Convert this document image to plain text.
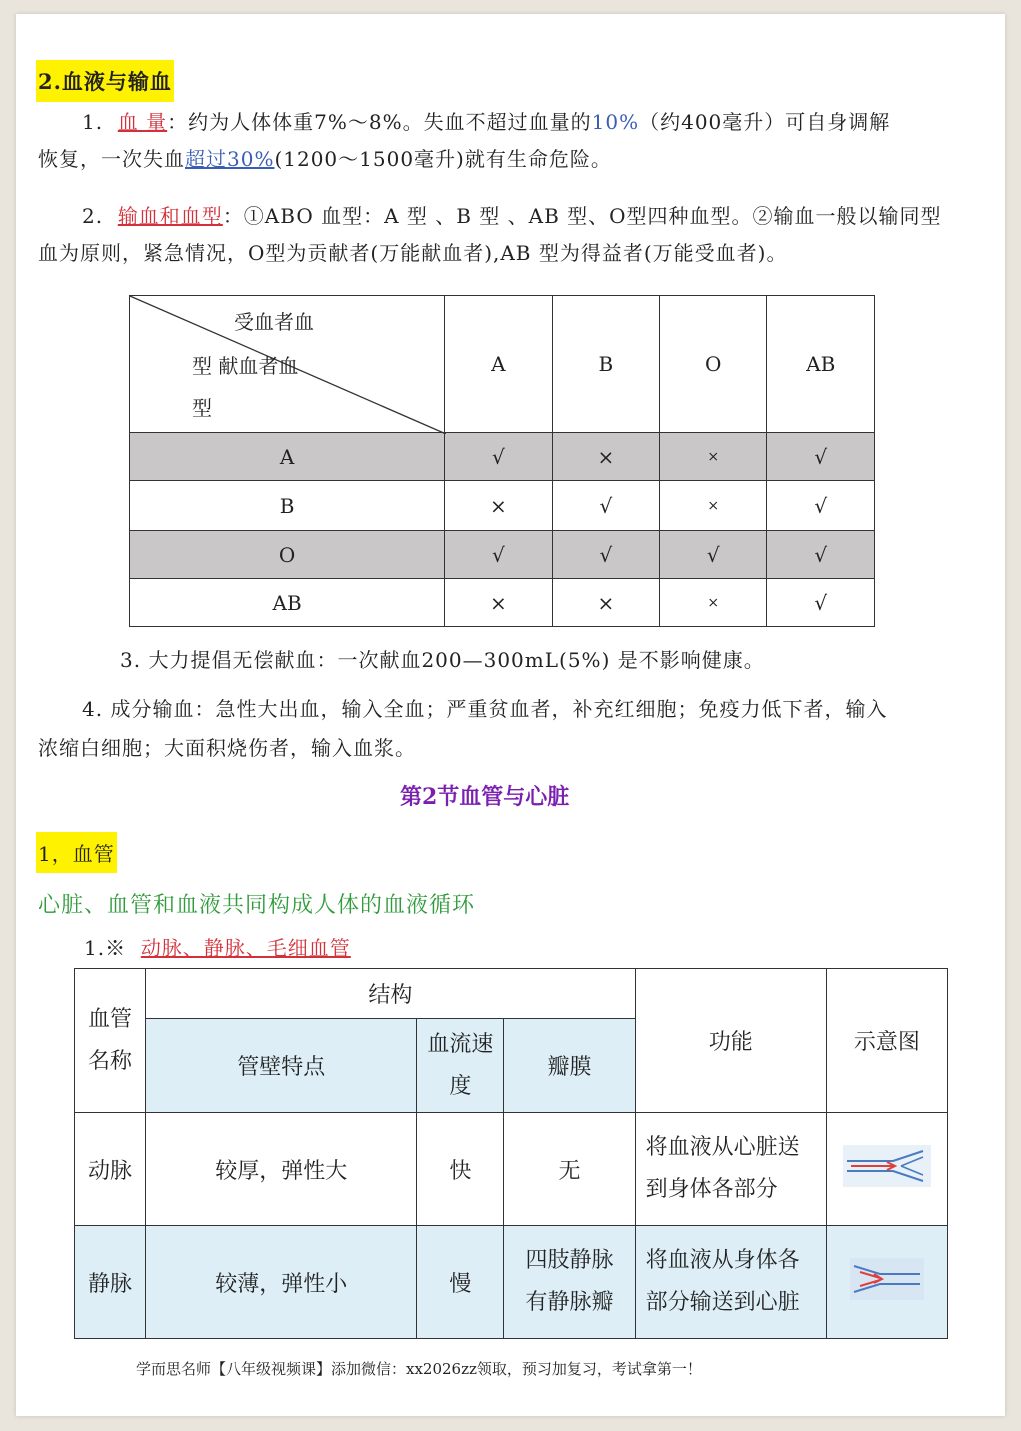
2.血液与输血
1. 血 量：约为人体体重7%～8%。失血不超过血量的10%（约400毫升）可自身调解
恢复，一次失血超过30%(1200～1500毫升)就有生命危险。
2. 输血和血型：①ABO 血型：A 型 、B 型 、AB 型、O型四种血型。②输血一般以输同型
血为原则，紧急情况，O型为贡献者(万能献血者),AB 型为得益者(万能受血者)。
受血者血
型 献血者血
型	A	B	O	AB
A	√	×	×	√
B	×	√	×	√
O	√	√	√	√
AB	×	×	×	√
3. 大力提倡无偿献血：一次献血200—300mL(5%) 是不影响健康。
4. 成分输血：急性大出血，输入全血；严重贫血者，补充红细胞；免疫力低下者，输入
浓缩白细胞；大面积烧伤者，输入血浆。
第2节血管与心脏
1，血管
心脏、血管和血液共同构成人体的血液循环
1.※ 动脉、静脉、毛细血管
血管
名称	结构			功能	示意图
	管壁特点	血流速
度	瓣膜		
动脉	较厚，弹性大	快	无	将血液从心脏送
到身体各部分	
静脉	较薄，弹性小	慢	四肢静脉
有静脉瓣	将血液从身体各
部分输送到心脏	
学而思名师【八年级视频课】添加微信：xx2026zz领取，预习加复习，考试拿第一！
